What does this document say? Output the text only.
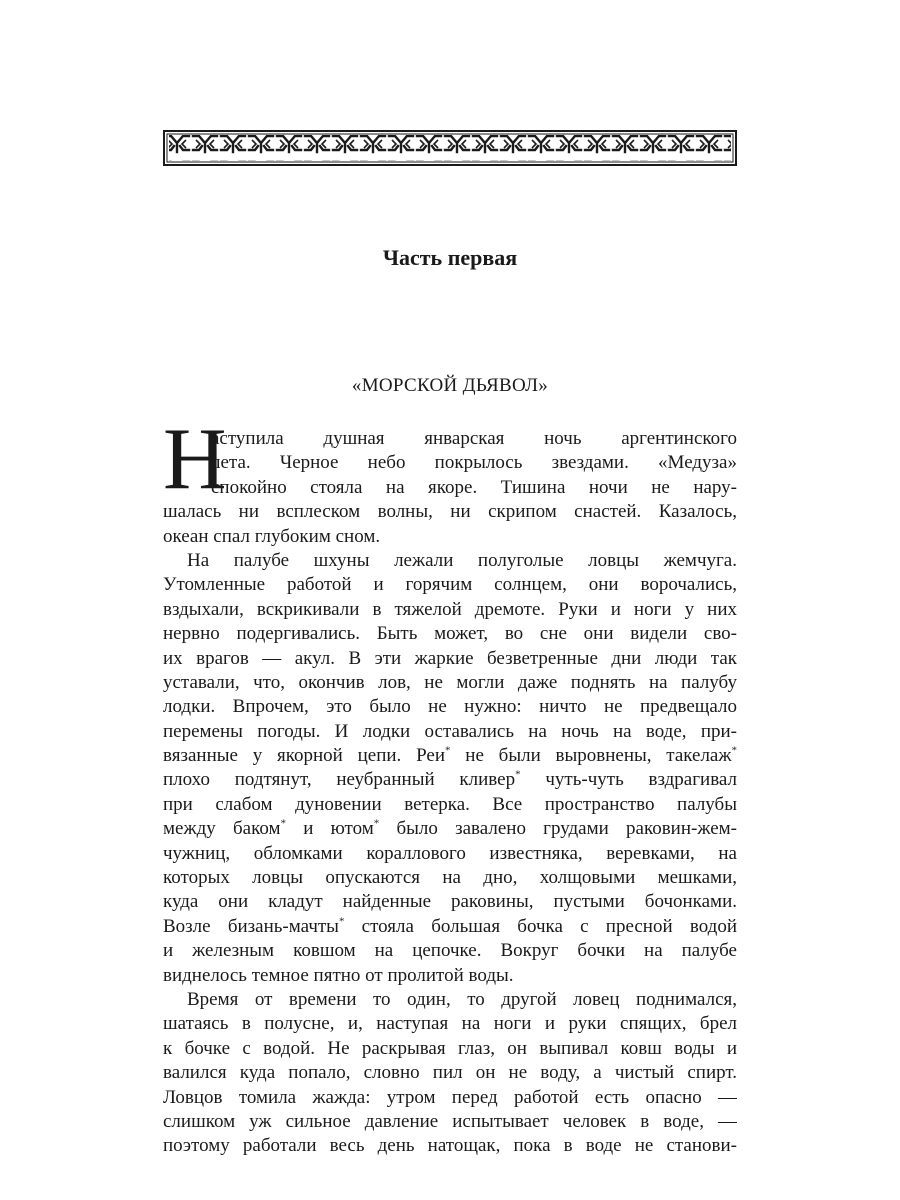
Часть первая
«МОРСКОЙ ДЬЯВОЛ»
Н

аступила душная январская ночь аргентинского

лета. Черное небо покрылось звездами. «Медуза»

спокойно стояла на якоре. Тишина ночи не нару-

шалась ни всплеском волны, ни скрипом снастей. Казалось,

океан спал глубоким сном.

На палубе шхуны лежали полуголые ловцы жемчуга.

Утомленные работой и горячим солнцем, они ворочались,

вздыхали, вскрикивали в тяжелой дремоте. Руки и ноги у них

нервно подергивались. Быть может, во сне они видели сво-

их врагов — акул. В эти жаркие безветренные дни люди так

уставали, что, окончив лов, не могли даже поднять на палубу

лодки. Впрочем, это было не нужно: ничто не предвещало

перемены погоды. И лодки оставались на ночь на воде, при-

вязанные у якорной цепи. Реи* не были выровнены, такелаж*

плохо подтянут, неубранный кливер* чуть-чуть вздрагивал

при слабом дуновении ветерка. Все пространство палубы

между баком* и ютом* было завалено грудами раковин-жем-

чужниц, обломками кораллового известняка, веревками, на

которых ловцы опускаются на дно, холщовыми мешками,

куда они кладут найденные раковины, пустыми бочонками.

Возле бизань-мачты* стояла большая бочка с пресной водой

и железным ковшом на цепочке. Вокруг бочки на палубе

виднелось темное пятно от пролитой воды.

Время от времени то один, то другой ловец поднимался,

шатаясь в полусне, и, наступая на ноги и руки спящих, брел

к бочке с водой. Не раскрывая глаз, он выпивал ковш воды и

валился куда попало, словно пил он не воду, а чистый спирт.

Ловцов томила жажда: утром перед работой есть опасно —

слишком уж сильное давление испытывает человек в воде, —

поэтому работали весь день натощак, пока в воде не станови-
